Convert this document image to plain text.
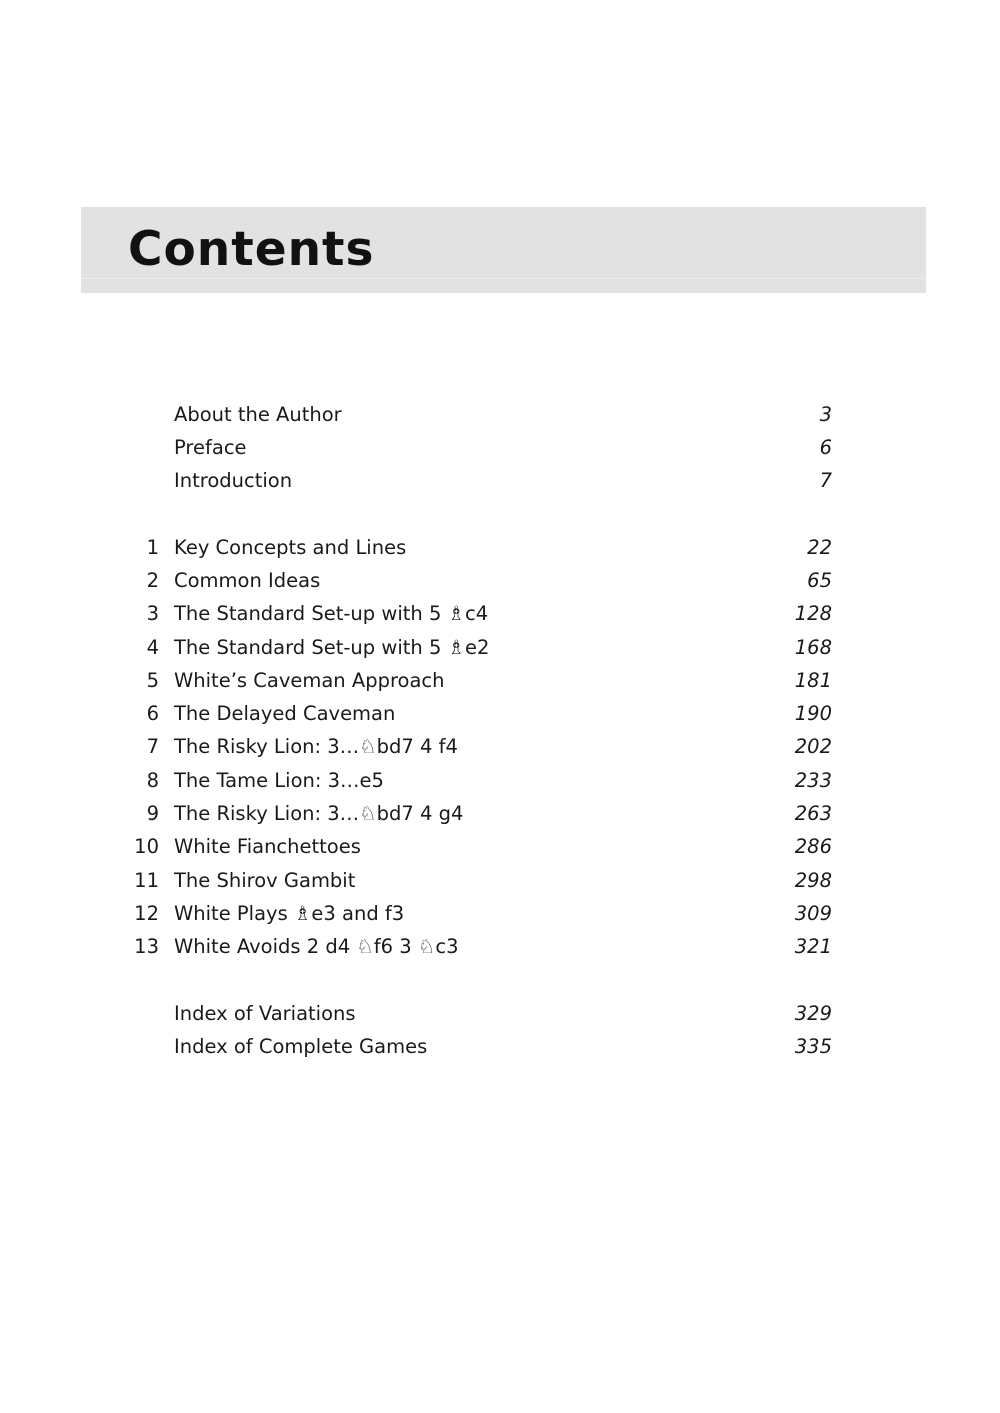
Contents
About the Author	3
Preface	6
Introduction	7
1 Key Concepts and Lines	22
2 Common Ideas	65
3 The Standard Set-up with 5 ♗c4	128
4 The Standard Set-up with 5 ♗e2	168
5 White’s Caveman Approach	181
6 The Delayed Caveman	190
7 The Risky Lion: 3…♘bd7 4 f4	202
8 The Tame Lion: 3…e5	233
9 The Risky Lion: 3…♘bd7 4 g4	263
10 White Fianchettoes	286
11 The Shirov Gambit	298
12 White Plays ♗e3 and f3	309
13 White Avoids 2 d4 ♘f6 3 ♘c3	321
Index of Variations	329
Index of Complete Games	335
